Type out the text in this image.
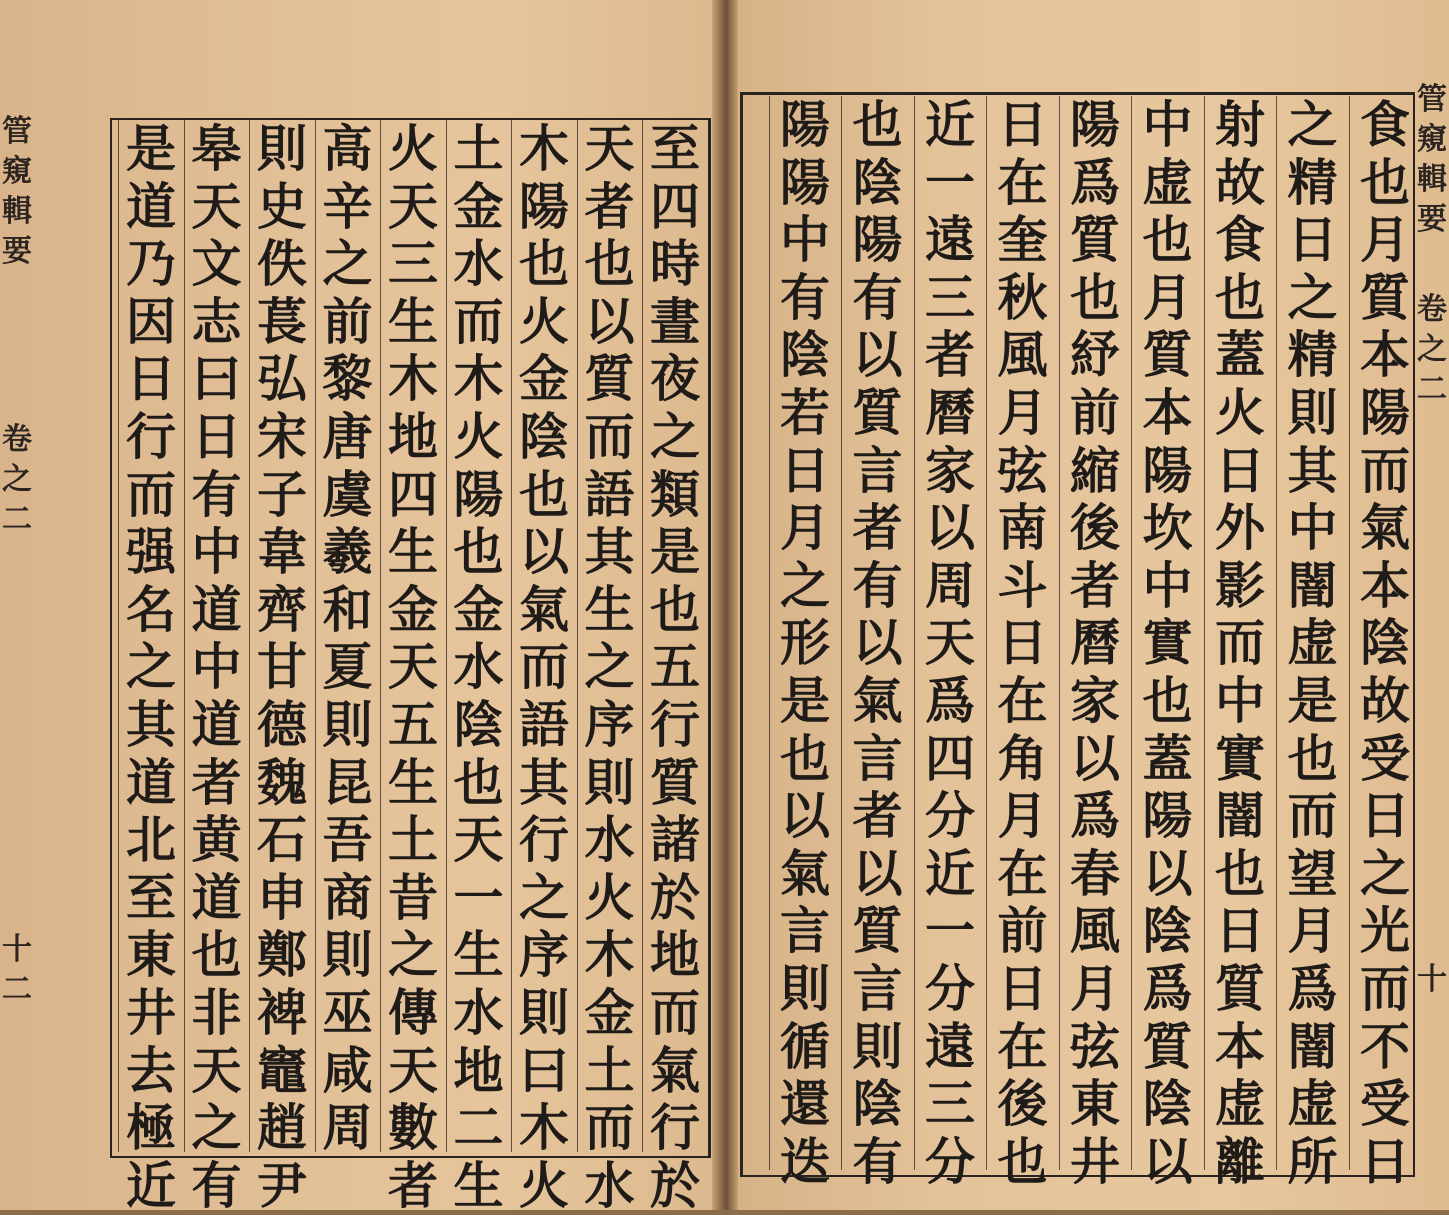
管
窺
輯
要
卷
之
二
十
二
管
窺
輯
要
卷
之
二
十
至
四
時
晝
夜
之
類
是
也
五
行
質
諸
於
地
而
氣
行
於
天
者
也
以
質
而
語
其
生
之
序
則
水
火
木
金
土
而
水
木
陽
也
火
金
陰
也
以
氣
而
語
其
行
之
序
則
曰
木
火
土
金
水
而
木
火
陽
也
金
水
陰
也
天
一
生
水
地
二
生
火
天
三
生
木
地
四
生
金
天
五
生
土
昔
之
傳
天
數
者
高
辛
之
前
黎
唐
虞
羲
和
夏
則
昆
吾
商
則
巫
咸
周
則
史
佚
萇
弘
宋
子
韋
齊
甘
德
魏
石
申
鄭
裨
竈
趙
尹
皋
天
文
志
曰
日
有
中
道
中
道
者
黄
道
也
非
天
之
有
是
道
乃
因
日
行
而
强
名
之
其
道
北
至
東
井
去
極
近
食
也
月
質
本
陽
而
氣
本
陰
故
受
日
之
光
而
不
受
日
之
精
日
之
精
則
其
中
闇
虚
是
也
而
望
月
爲
闇
虚
所
射
故
食
也
蓋
火
日
外
影
而
中
實
闇
也
日
質
本
虚
離
中
虚
也
月
質
本
陽
坎
中
實
也
蓋
陽
以
陰
爲
質
陰
以
陽
爲
質
也
紓
前
縮
後
者
曆
家
以
爲
春
風
月
弦
東
井
日
在
奎
秋
風
月
弦
南
斗
日
在
角
月
在
前
日
在
後
也
近
一
遠
三
者
曆
家
以
周
天
爲
四
分
近
一
分
遠
三
分
也
陰
陽
有
以
質
言
者
有
以
氣
言
者
以
質
言
則
陰
有
陽
陽
中
有
陰
若
日
月
之
形
是
也
以
氣
言
則
循
還
迭
